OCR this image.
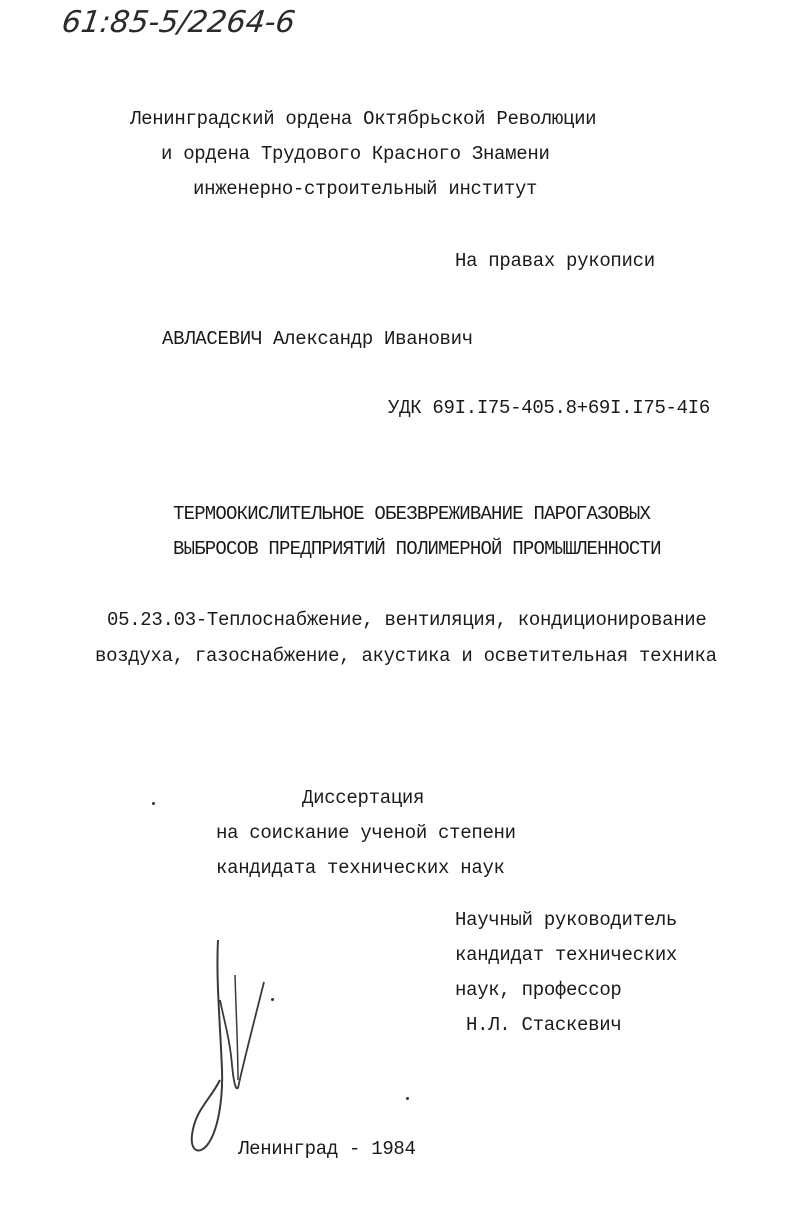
61:85-5/2264-6
Ленинградский ордена Октябрьской Революции
и ордена Трудового Красного Знамени
инженерно-строительный институт
На правах рукописи
АВЛАСЕВИЧ Александр Иванович
УДК 69I.I75-405.8+69I.I75-4I6
ТЕРМООКИСЛИТЕЛЬНОЕ ОБЕЗВРЕЖИВАНИЕ ПАРОГАЗОВЫХ
ВЫБРОСОВ ПРЕДПРИЯТИЙ ПОЛИМЕРНОЙ ПРОМЫШЛЕННОСТИ
05.23.03-Теплоснабжение, вентиляция, кондиционирование
воздуха, газоснабжение, акустика и осветительная техника
Диссертация
на соискание ученой степени
кандидата технических наук
Научный руководитель
кандидат технических
наук, профессор
Н.Л. Стаскевич
Ленинград - 1984
